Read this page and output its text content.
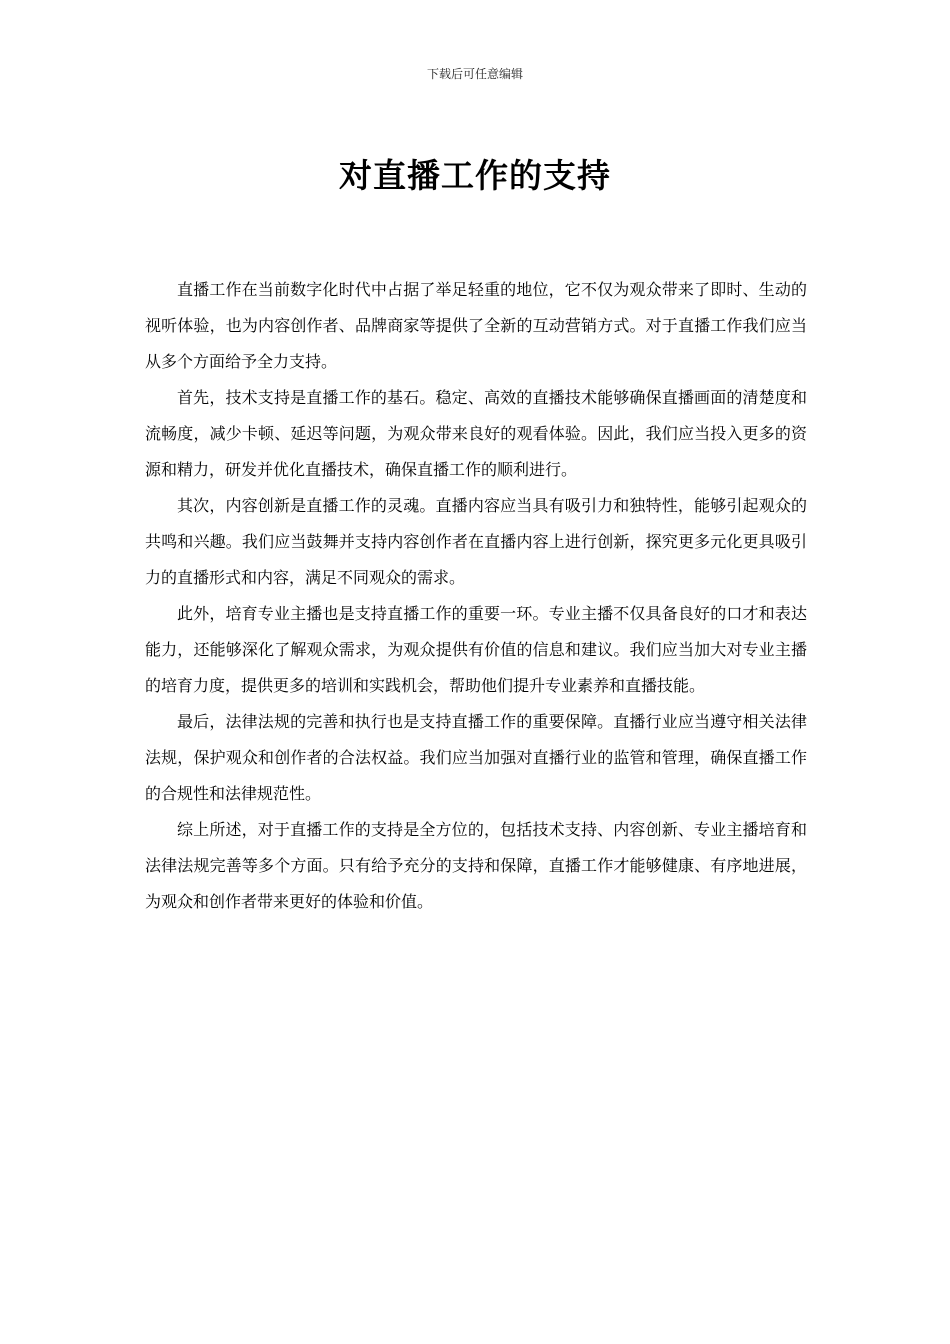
下载后可任意编辑
对直播工作的支持

直播工作在当前数字化时代中占据了举足轻重的地位，它不仅为观众带来了即时、生动的视听体验，也为内容创作者、品牌商家等提供了全新的互动营销方式。对于直播工作我们应当从多个方面给予全力支持。

首先，技术支持是直播工作的基石。稳定、高效的直播技术能够确保直播画面的清楚度和流畅度，减少卡顿、延迟等问题，为观众带来良好的观看体验。因此，我们应当投入更多的资源和精力，研发并优化直播技术，确保直播工作的顺利进行。

其次，内容创新是直播工作的灵魂。直播内容应当具有吸引力和独特性，能够引起观众的共鸣和兴趣。我们应当鼓舞并支持内容创作者在直播内容上进行创新，探究更多元化更具吸引力的直播形式和内容，满足不同观众的需求。

此外，培育专业主播也是支持直播工作的重要一环。专业主播不仅具备良好的口才和表达能力，还能够深化了解观众需求，为观众提供有价值的信息和建议。我们应当加大对专业主播的培育力度，提供更多的培训和实践机会，帮助他们提升专业素养和直播技能。

最后，法律法规的完善和执行也是支持直播工作的重要保障。直播行业应当遵守相关法律法规，保护观众和创作者的合法权益。我们应当加强对直播行业的监管和管理，确保直播工作的合规性和法律规范性。

综上所述，对于直播工作的支持是全方位的，包括技术支持、内容创新、专业主播培育和法律法规完善等多个方面。只有给予充分的支持和保障，直播工作才能够健康、有序地进展，为观众和创作者带来更好的体验和价值。
